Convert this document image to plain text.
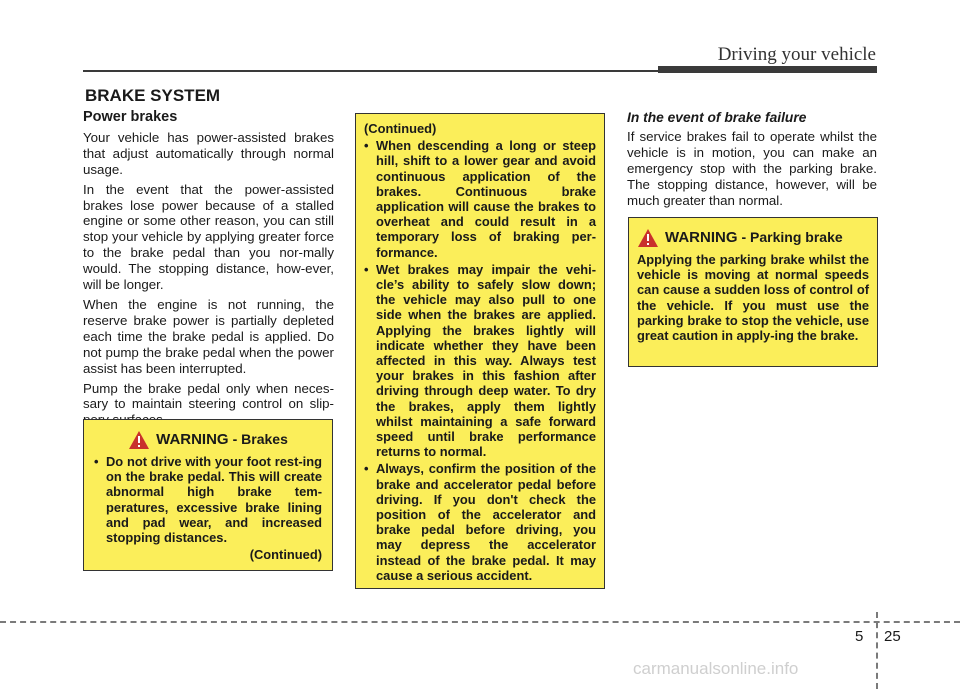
Driving your vehicle
BRAKE SYSTEM
Power brakes

Your vehicle has power-assisted brakes that adjust automatically through normal usage.

In the event that the power-assisted brakes lose power because of a stalled engine or some other reason, you can still stop your vehicle by applying greater force to the brake pedal than you nor-mally would. The stopping distance, how-ever, will be longer.

When the engine is not running, the reserve brake power is partially depleted each time the brake pedal is applied. Do not pump the brake pedal when the power assist has been interrupted.

Pump the brake pedal only when neces-sary to maintain steering control on slip-

WARNING - Brakes
• Do not drive with your foot rest-ing on the brake pedal. This will create abnormal high brake tem-peratures, excessive brake lining and pad wear, and increased stopping distances.
(Continued)
(Continued)
• When descending a long or steep hill, shift to a lower gear and avoid continuous application of the brakes. Continuous brake application will cause the brakes to overheat and could result in a temporary loss of braking per-formance.
• Wet brakes may impair the vehi-cle’s ability to safely slow down; the vehicle may also pull to one side when the brakes are applied. Applying the brakes lightly will indicate whether they have been affected in this way. Always test your brakes in this fashion after driving through deep water. To dry the brakes, apply them lightly whilst maintaining a safe forward speed until brake performance returns to normal.
• Always, confirm the position of the brake and accelerator pedal before driving. If you don't check the position of the accelerator and brake pedal before driving, you may depress the accelerator instead of the brake pedal. It may cause a serious accident.
In the event of brake failure

If service brakes fail to operate whilst the vehicle is in motion, you can make an emergency stop with the parking brake. The stopping distance, however, will be much greater than normal.

WARNING - Parking brake
Applying the parking brake whilst the vehicle is moving at normal speeds can cause a sudden loss of control of the vehicle. If you must use the parking brake to stop the vehicle, use great caution in apply-ing the brake.
5 25
carmanualsonline.info
